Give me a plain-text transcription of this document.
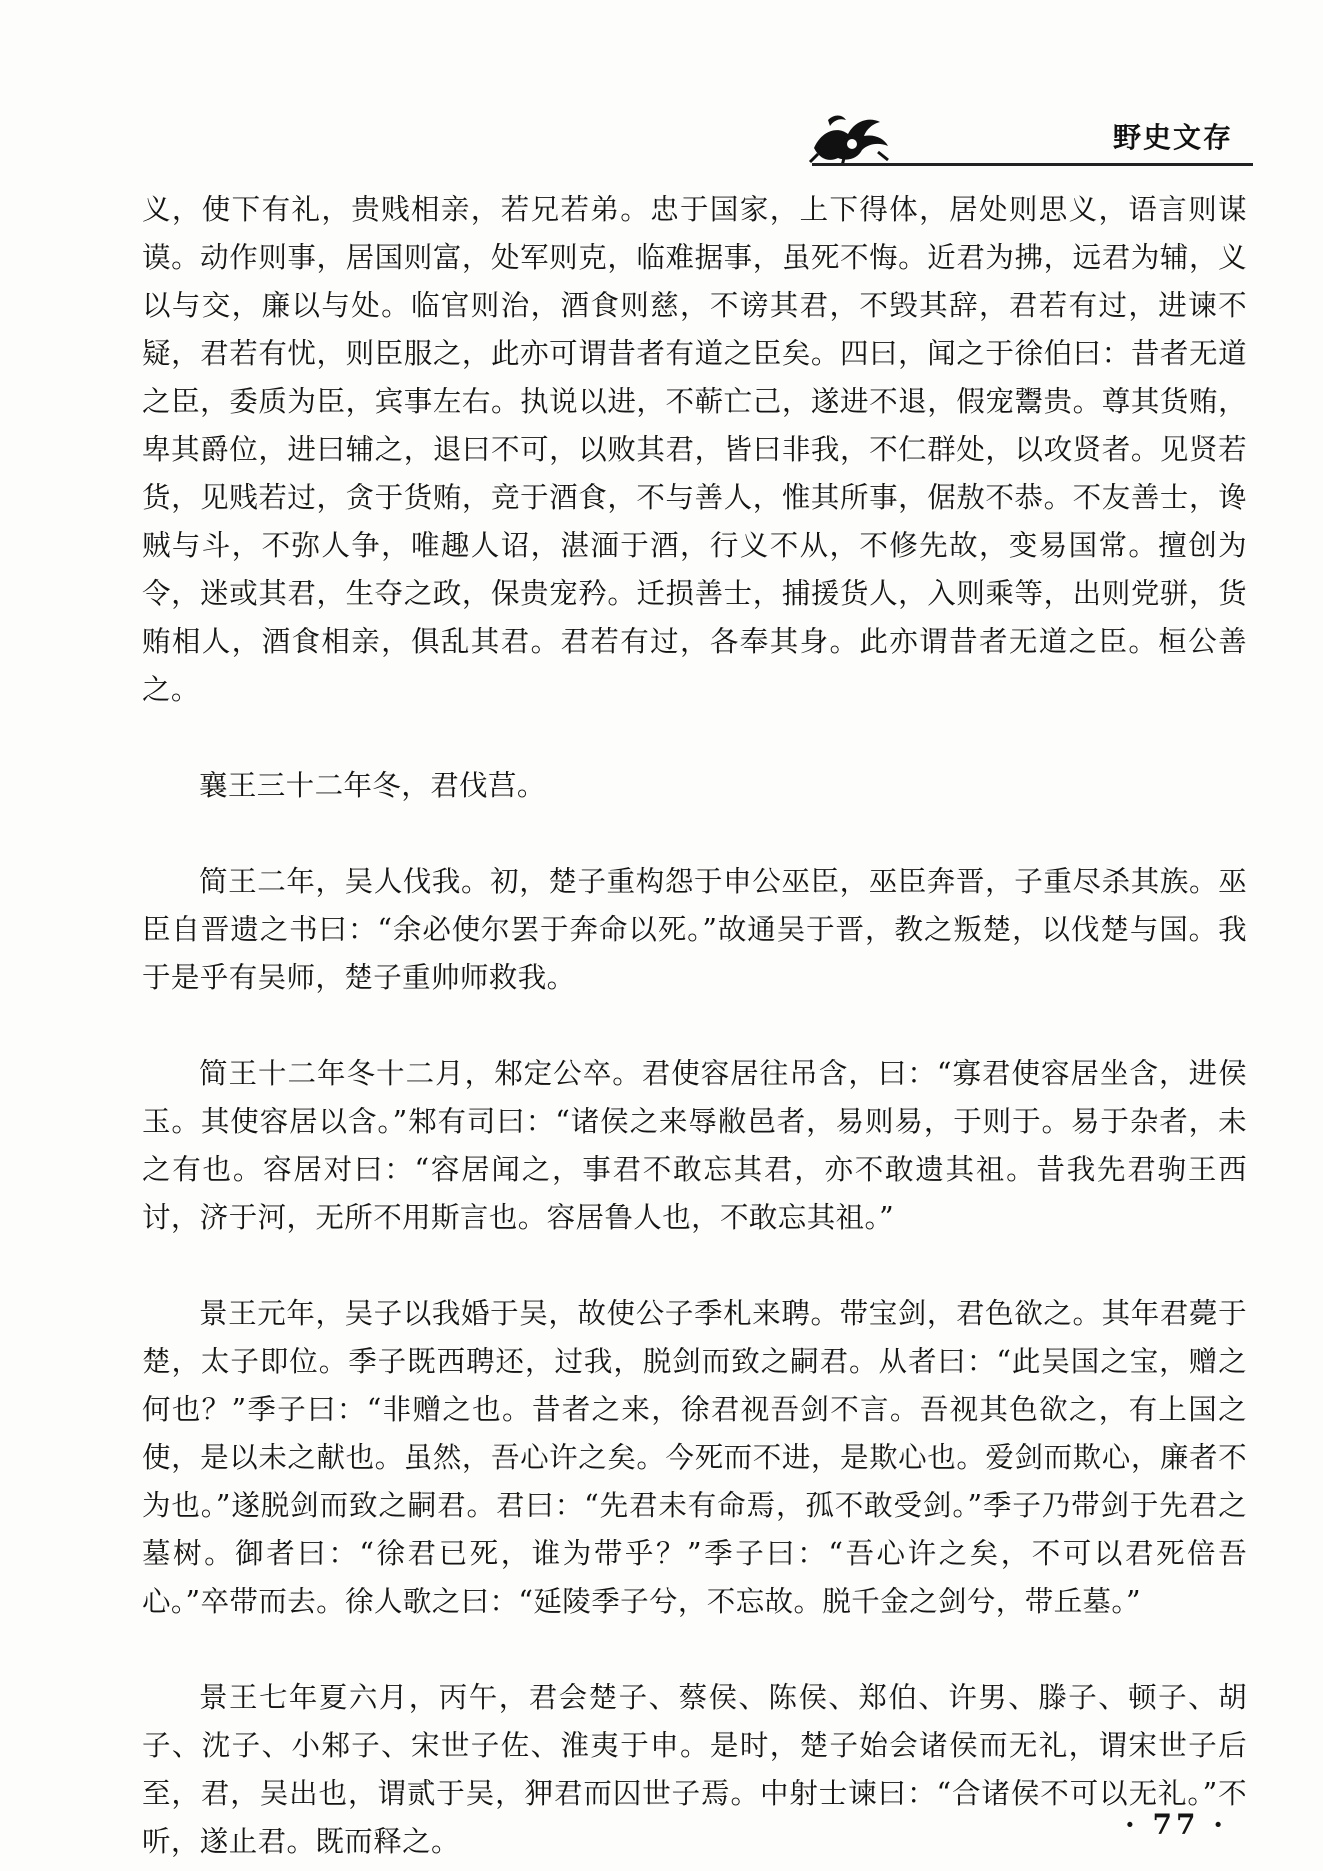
野史文存

义，使下有礼，贵贱相亲，若兄若弟。忠于国家，上下得体，居处则思义，语言则谋谟。动作则事，居国则富，处军则克，临难据事，虽死不悔。近君为拂，远君为辅，义以与交，廉以与处。临官则治，酒食则慈，不谤其君，不毁其辞，君若有过，进谏不疑，君若有忧，则臣服之，此亦可谓昔者有道之臣矣。四曰，闻之于徐伯曰：昔者无道之臣，委质为臣，宾事左右。执说以进，不蕲亡己，遂进不退，假宠鬻贵。尊其货贿，卑其爵位，进曰辅之，退曰不可，以败其君，皆曰非我，不仁群处，以攻贤者。见贤若货，见贱若过，贪于货贿，竞于酒食，不与善人，惟其所事，倨敖不恭。不友善士，谗贼与斗，不弥人争，唯趣人诏，湛湎于酒，行义不从，不修先故，变易国常。擅创为令，迷或其君，生夺之政，保贵宠矜。迁损善士，捕援货人，入则乘等，出则党骈，货贿相人，酒食相亲，俱乱其君。君若有过，各奉其身。此亦谓昔者无道之臣。桓公善之。

襄王三十二年冬，君伐莒。

简王二年，吴人伐我。初，楚子重构怨于申公巫臣，巫臣奔晋，子重尽杀其族。巫臣自晋遗之书曰：“余必使尔罢于奔命以死。”故通吴于晋，教之叛楚，以伐楚与国。我于是乎有吴师，楚子重帅师救我。

简王十二年冬十二月，邾定公卒。君使容居往吊含，曰：“寡君使容居坐含，进侯玉。其使容居以含。”邾有司曰：“诸侯之来辱敝邑者，易则易，于则于。易于杂者，未之有也。容居对曰：“容居闻之，事君不敢忘其君，亦不敢遗其祖。昔我先君驹王西讨，济于河，无所不用斯言也。容居鲁人也，不敢忘其祖。”

景王元年，吴子以我婚于吴，故使公子季札来聘。带宝剑，君色欲之。其年君薨于楚，太子即位。季子既西聘还，过我，脱剑而致之嗣君。从者曰：“此吴国之宝，赠之何也？”季子曰：“非赠之也。昔者之来，徐君视吾剑不言。吾视其色欲之，有上国之使，是以未之献也。虽然，吾心许之矣。今死而不进，是欺心也。爱剑而欺心，廉者不为也。”遂脱剑而致之嗣君。君曰：“先君未有命焉，孤不敢受剑。”季子乃带剑于先君之墓树。御者曰：“徐君已死，谁为带乎？”季子曰：“吾心许之矣，不可以君死倍吾心。”卒带而去。徐人歌之曰：“延陵季子兮，不忘故。脱千金之剑兮，带丘墓。”

景王七年夏六月，丙午，君会楚子、蔡侯、陈侯、郑伯、许男、滕子、顿子、胡子、沈子、小邾子、宋世子佐、淮夷于申。是时，楚子始会诸侯而无礼，谓宋世子后至，君，吴出也，谓贰于吴，狎君而囚世子焉。中射士谏曰：“合诸侯不可以无礼。”不听，遂止君。既而释之。

· 77 ·
